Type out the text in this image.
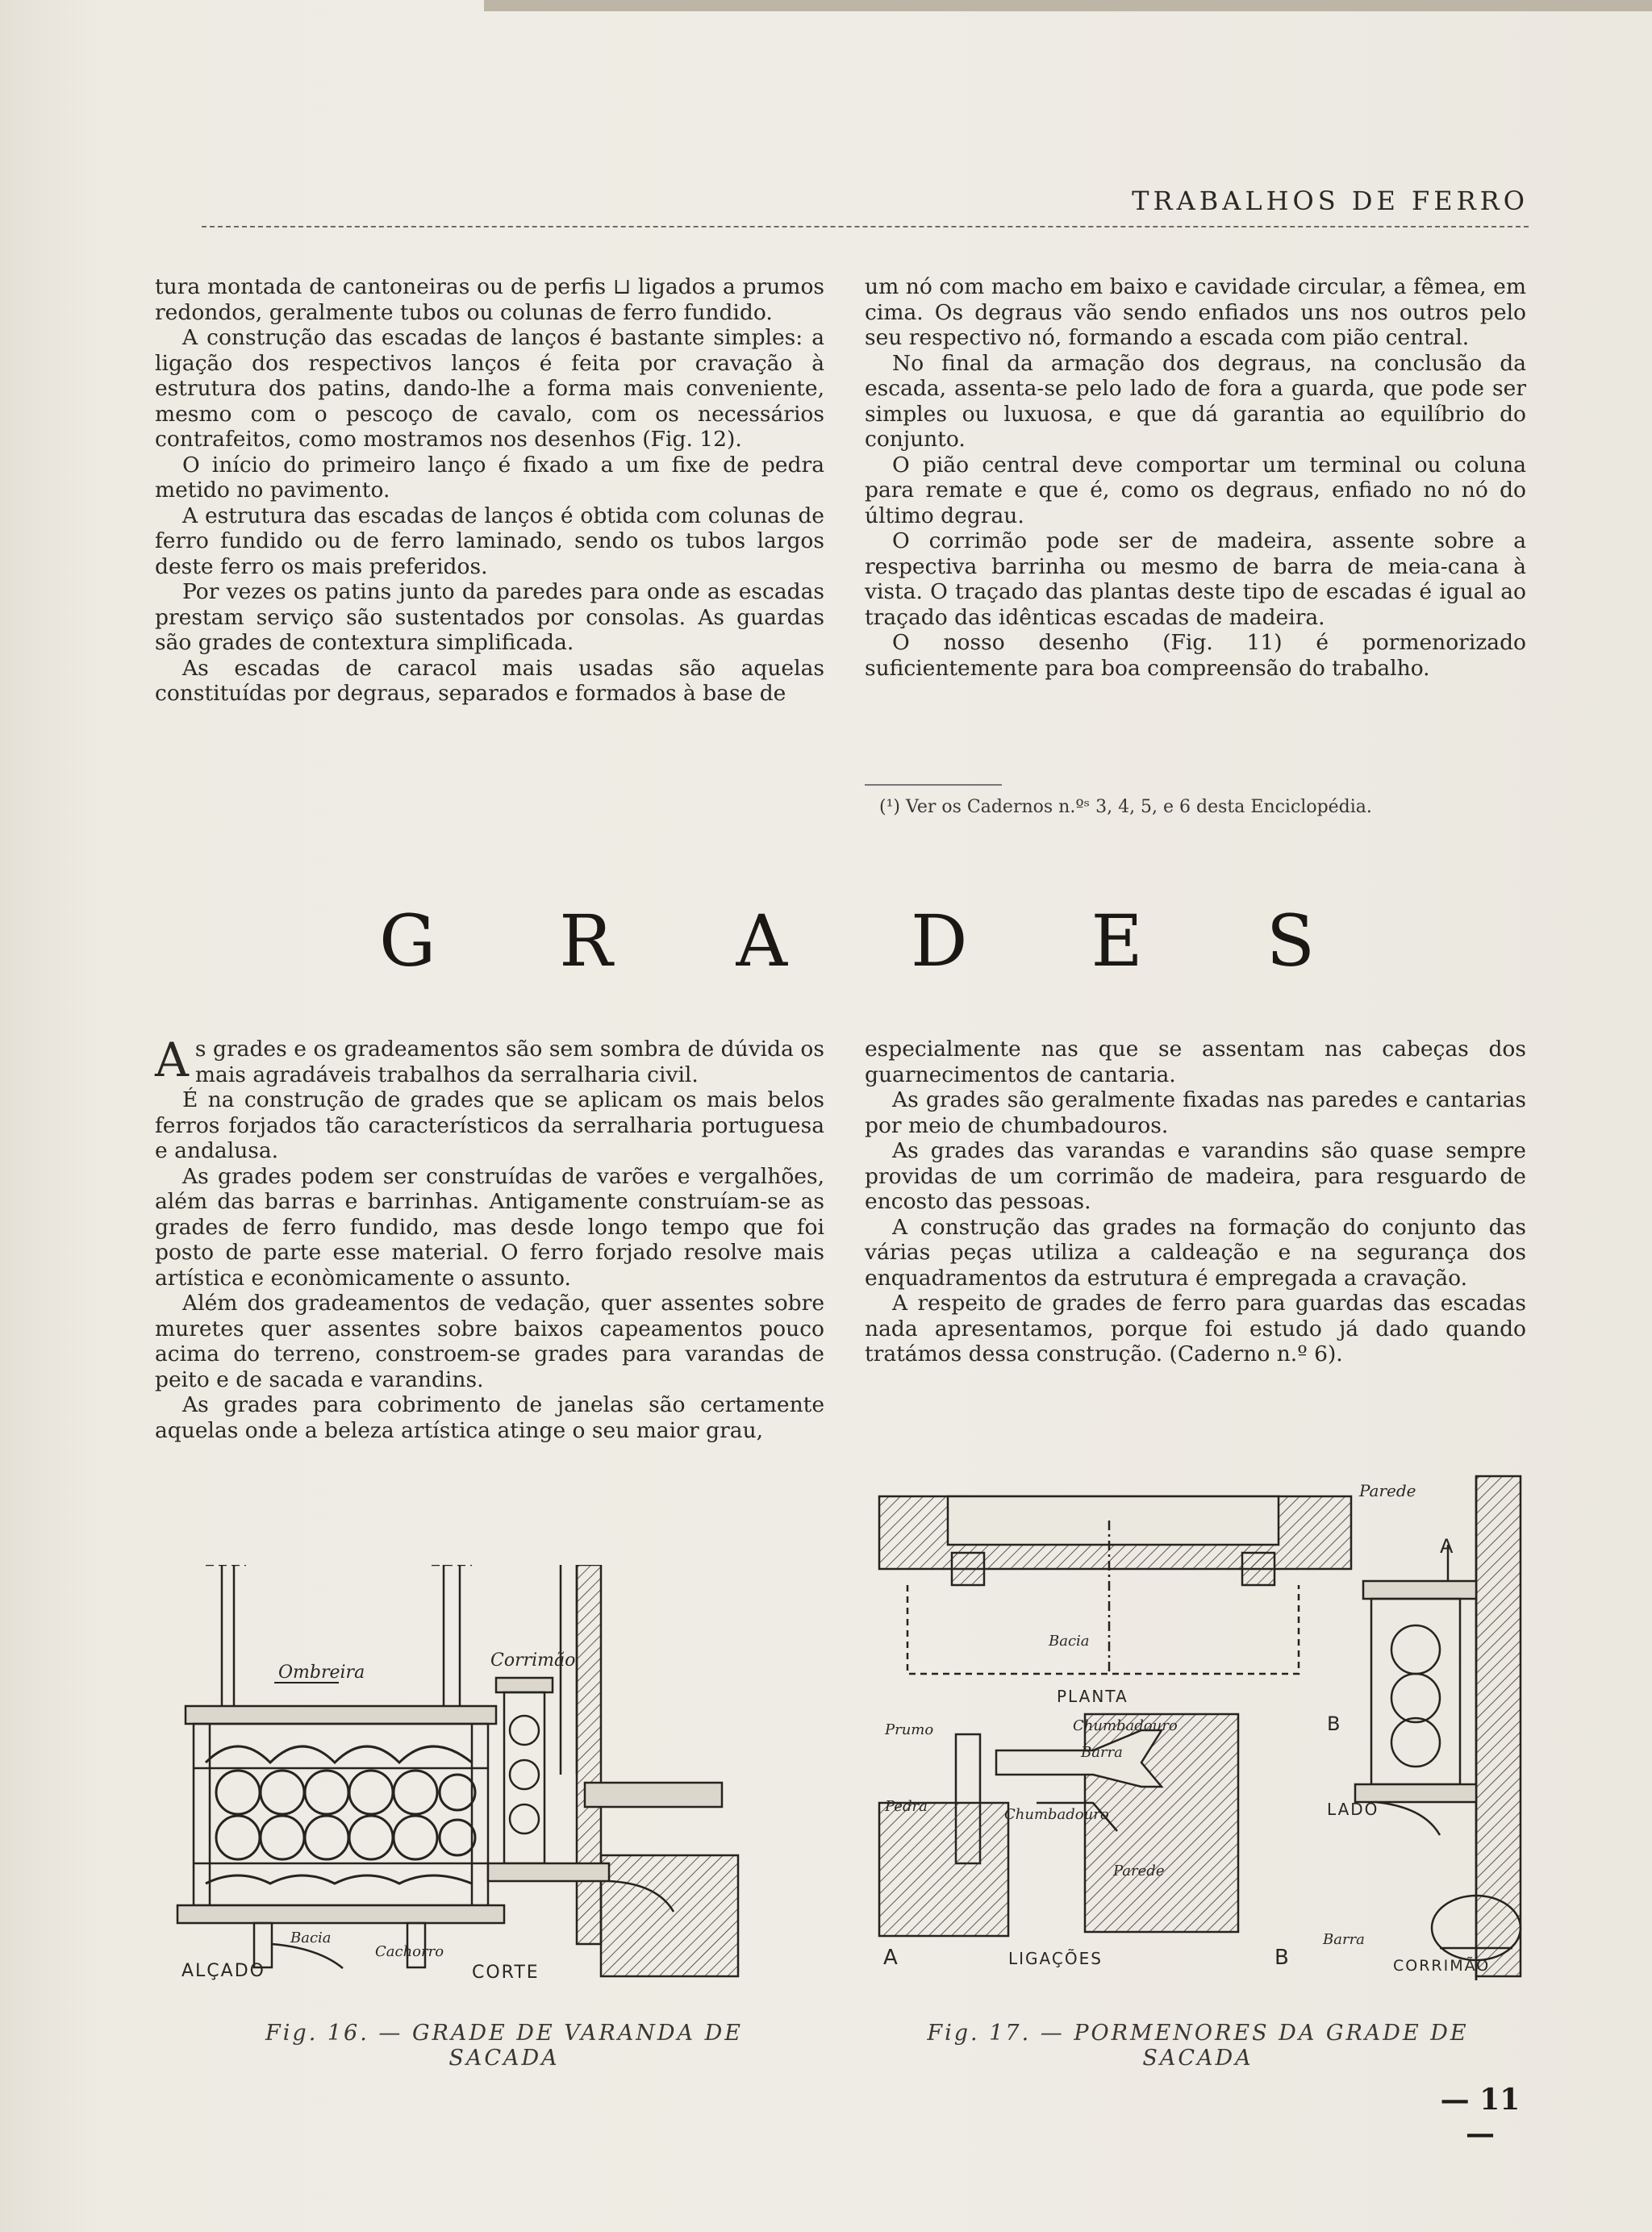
TRABALHOS DE FERRO

tura montada de cantoneiras ou de perfis ⊔ ligados a prumos redondos, geralmente tubos ou colunas de ferro fundido.

A construção das escadas de lanços é bastante simples: a ligação dos respectivos lanços é feita por cravação à estrutura dos patins, dando-lhe a forma mais conveniente, mesmo com o pescoço de cavalo, com os necessários contrafeitos, como mostramos nos desenhos (Fig. 12).

O início do primeiro lanço é fixado a um fixe de pedra metido no pavimento.

A estrutura das escadas de lanços é obtida com colunas de ferro fundido ou de ferro laminado, sendo os tubos largos deste ferro os mais preferidos.

Por vezes os patins junto da paredes para onde as escadas prestam serviço são sustentados por consolas. As guardas são grades de contextura simplificada.

As escadas de caracol mais usadas são aquelas constituídas por degraus, separados e formados à base de

um nó com macho em baixo e cavidade circular, a fêmea, em cima. Os degraus vão sendo enfiados uns nos outros pelo seu respectivo nó, formando a escada com pião central.

No final da armação dos degraus, na conclusão da escada, assenta-se pelo lado de fora a guarda, que pode ser simples ou luxuosa, e que dá garantia ao equilíbrio do conjunto.

O pião central deve comportar um terminal ou coluna para remate e que é, como os degraus, enfiado no nó do último degrau.

O corrimão pode ser de madeira, assente sobre a respectiva barrinha ou mesmo de barra de meia-cana à vista. O traçado das plantas deste tipo de escadas é igual ao traçado das idênticas escadas de madeira.

O nosso desenho (Fig. 11) é pormenorizado suficientemente para boa compreensão do trabalho.

(¹) Ver os Cadernos n.ºˢ 3, 4, 5, e 6 desta Enciclopédia.
G R A D E S

As grades e os gradeamentos são sem sombra de dúvida os mais agradáveis trabalhos da serralharia civil.

É na construção de grades que se aplicam os mais belos ferros forjados tão característicos da serralharia portuguesa e andalusa.

As grades podem ser construídas de varões e vergalhões, além das barras e barrinhas. Antigamente construíam-se as grades de ferro fundido, mas desde longo tempo que foi posto de parte esse material. O ferro forjado resolve mais artística e econòmicamente o assunto.

Além dos gradeamentos de vedação, quer assentes sobre muretes quer assentes sobre baixos capeamentos pouco acima do terreno, constroem-se grades para varandas de peito e de sacada e varandins.

As grades para cobrimento de janelas são certamente aquelas onde a beleza artística atinge o seu maior grau,

especialmente nas que se assentam nas cabeças dos guarnecimentos de cantaria.

As grades são geralmente fixadas nas paredes e cantarias por meio de chumbadouros.

As grades das varandas e varandins são quase sempre providas de um corrimão de madeira, para resguardo de encosto das pessoas.

A construção das grades na formação do conjunto das várias peças utiliza a caldeação e na segurança dos enquadramentos da estrutura é empregada a cravação.

A respeito de grades de ferro para guardas das escadas nada apresentamos, porque foi estudo já dado quando tratámos dessa construção. (Caderno n.º 6).

Ombreira
Corrimão
Bacia
Cachorro
ALÇADO	CORTE
Fig. 16. — GRADE DE VARANDA DE SACADA
Parede
A
Bacia
PLANTA
Prumo	Chumbadouro
Barra
Pedra	Chumbadouro
Parede
B
LADO
A	LIGAÇÕES	B
Barra
CORRIMÃO
Fig. 17. — PORMENORES DA GRADE DE SACADA
— 11 —
